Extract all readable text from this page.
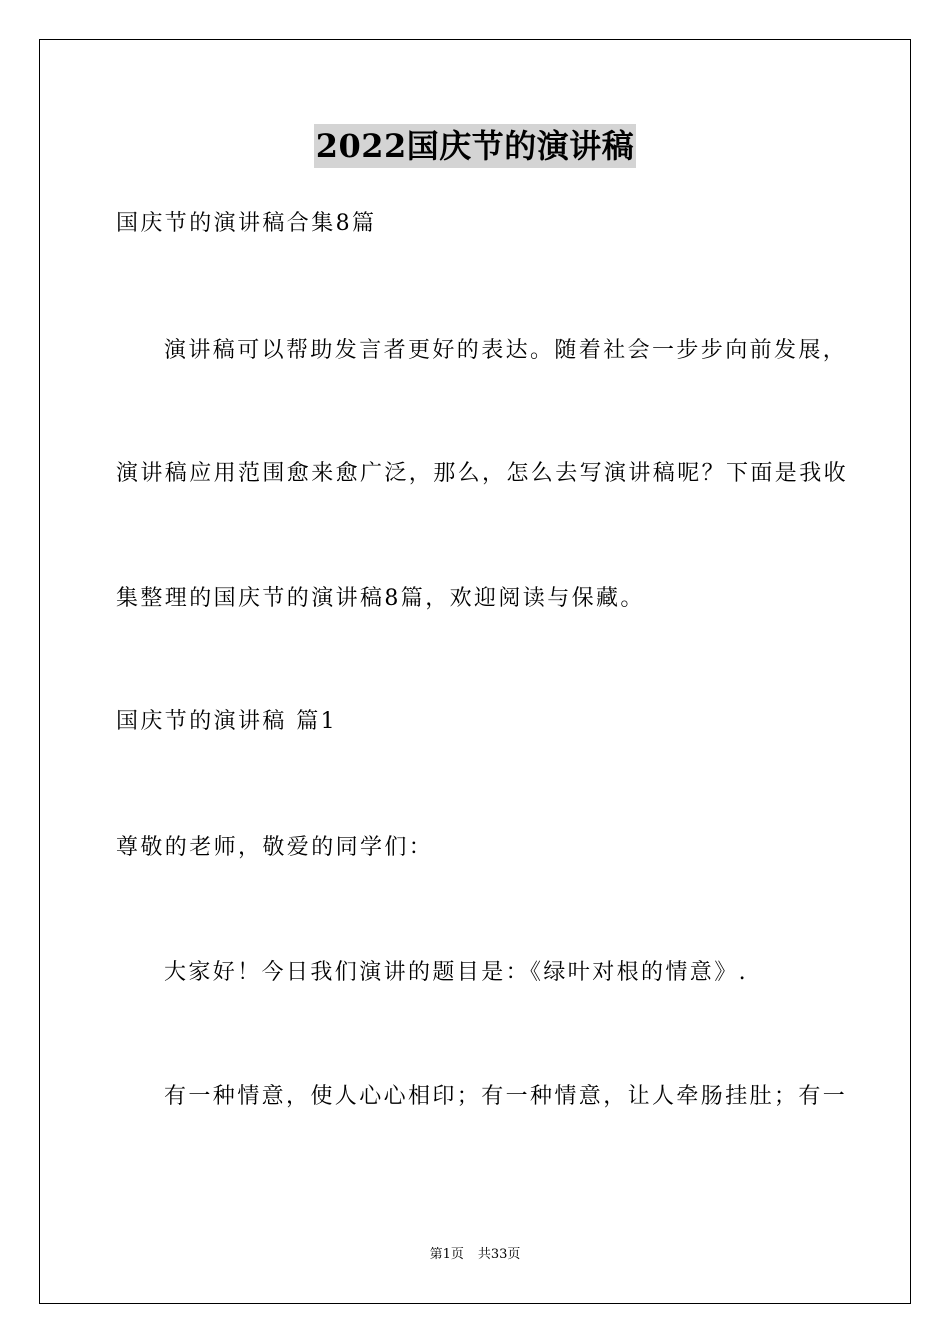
2022国庆节的演讲稿
国庆节的演讲稿合集8篇
演讲稿可以帮助发言者更好的表达。随着社会一步步向前发展，
演讲稿应用范围愈来愈广泛，那么，怎么去写演讲稿呢？下面是我收
集整理的国庆节的演讲稿8篇，欢迎阅读与保藏。
国庆节的演讲稿 篇1
尊敬的老师，敬爱的同学们：
大家好！今日我们演讲的题目是：《绿叶对根的情意》.
有一种情意，使人心心相印；有一种情意，让人牵肠挂肚；有一
第1页 共33页
